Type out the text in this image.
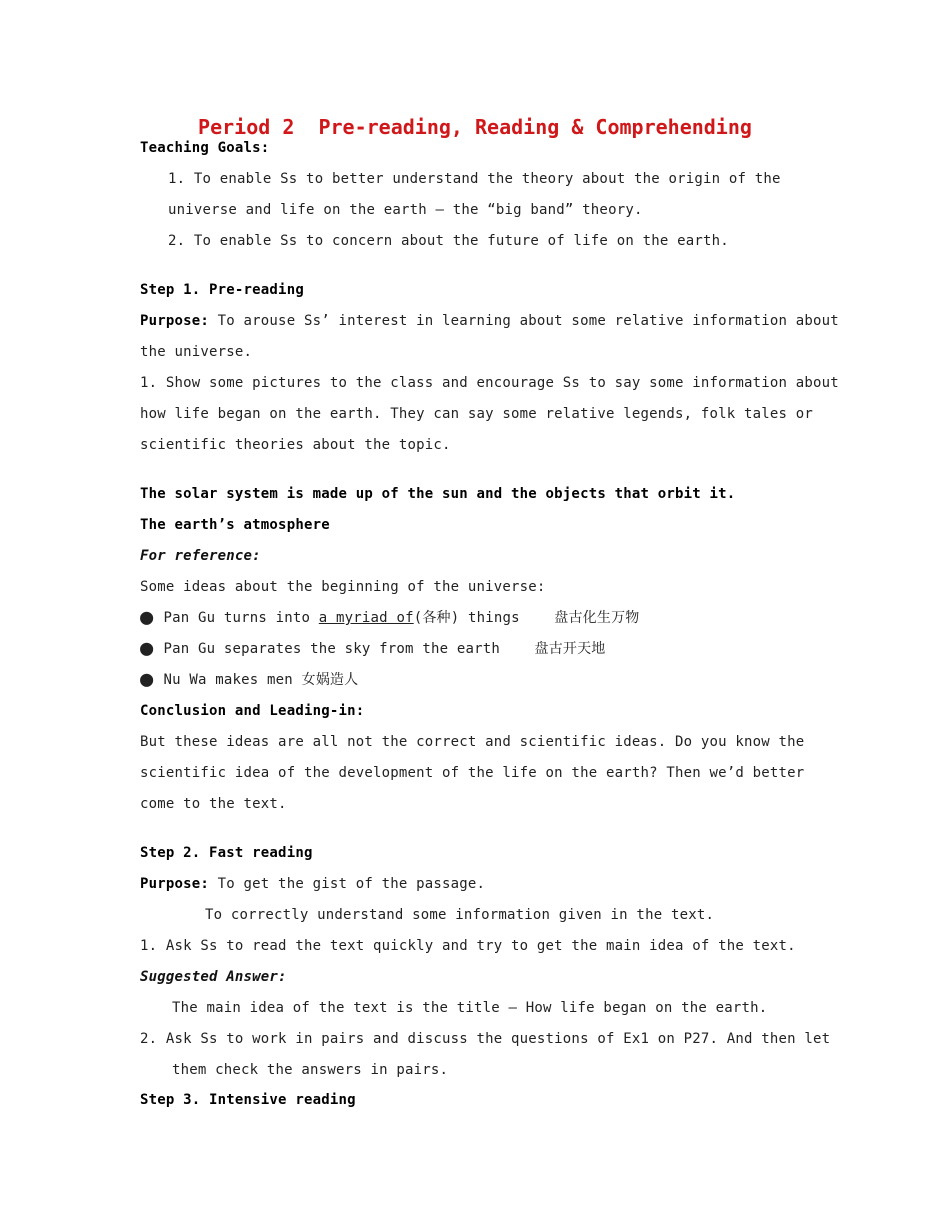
Period 2  Pre-reading, Reading & Comprehending
Teaching Goals:
1. To enable Ss to better understand the theory about the origin of the
universe and life on the earth — the “big band” theory.
2. To enable Ss to concern about the future of life on the earth.
Step 1. Pre-reading
Purpose: To arouse Ss’ interest in learning about some relative information about
the universe.
1. Show some pictures to the class and encourage Ss to say some information about
how life began on the earth. They can say some relative legends, folk tales or
scientific theories about the topic.
The solar system is made up of the sun and the objects that orbit it.
The earth’s atmosphere
For reference:
Some ideas about the beginning of the universe:
● Pan Gu turns into a myriad of(各种) things    盘古化生万物
● Pan Gu separates the sky from the earth    盘古开天地
● Nu Wa makes men 女娲造人
Conclusion and Leading-in:
But these ideas are all not the correct and scientific ideas. Do you know the
scientific idea of the development of the life on the earth? Then we’d better
come to the text.
Step 2. Fast reading
Purpose: To get the gist of the passage.
To correctly understand some information given in the text.
1. Ask Ss to read the text quickly and try to get the main idea of the text.
Suggested Answer:
The main idea of the text is the title — How life began on the earth.
2. Ask Ss to work in pairs and discuss the questions of Ex1 on P27. And then let
them check the answers in pairs.
Step 3. Intensive reading
